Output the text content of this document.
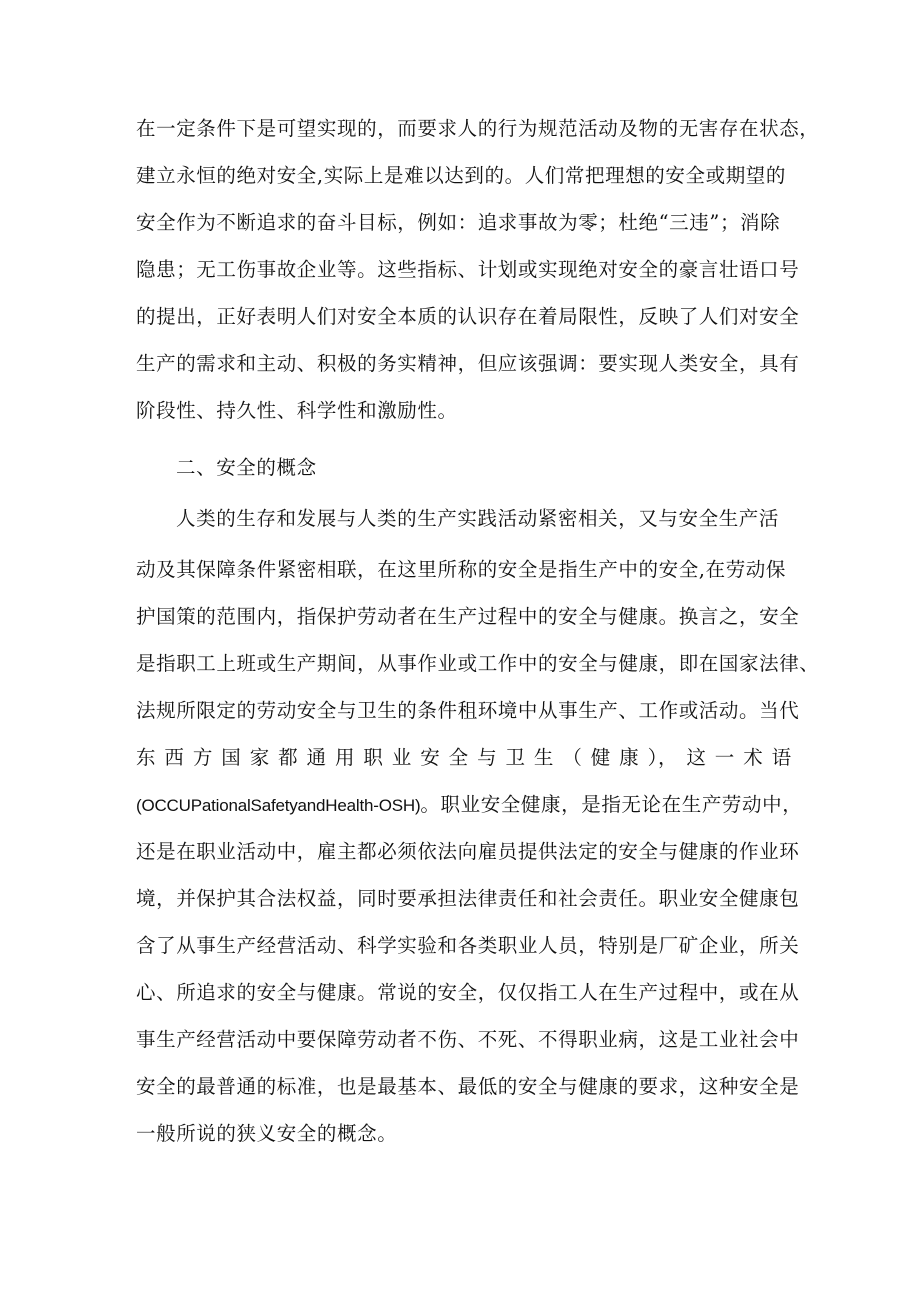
在一定条件下是可望实现的，而要求人的行为规范活动及物的无害存在状态，
建立永恒的绝对安全,实际上是难以达到的。人们常把理想的安全或期望的
安全作为不断追求的奋斗目标，例如：追求事故为零；杜绝“三违”；消除
隐患；无工伤事故企业等。这些指标、计划或实现绝对安全的豪言壮语口号
的提出，正好表明人们对安全本质的认识存在着局限性，反映了人们对安全
生产的需求和主动、积极的务实精神，但应该强调：要实现人类安全，具有
阶段性、持久性、科学性和激励性。
二、安全的概念
人类的生存和发展与人类的生产实践活动紧密相关，又与安全生产活
动及其保障条件紧密相联，在这里所称的安全是指生产中的安全,在劳动保
护国策的范围内，指保护劳动者在生产过程中的安全与健康。换言之，安全
是指职工上班或生产期间，从事作业或工作中的安全与健康，即在国家法律、
法规所限定的劳动安全与卫生的条件租环境中从事生产、工作或活动。当代
东 西 方 国 家 都 通 用 职 业 安 全 与 卫 生 （ 健 康 ）， 这 一 术 语
(OCCUPationalSafetyandHealth-OSH)。职业安全健康，是指无论在生产劳动中，
还是在职业活动中，雇主都必须依法向雇员提供法定的安全与健康的作业环
境，并保护其合法权益，同时要承担法律责任和社会责任。职业安全健康包
含了从事生产经营活动、科学实验和各类职业人员，特别是厂矿企业，所关
心、所追求的安全与健康。常说的安全，仅仅指工人在生产过程中，或在从
事生产经营活动中要保障劳动者不伤、不死、不得职业病，这是工业社会中
安全的最普通的标准，也是最基本、最低的安全与健康的要求，这种安全是
一般所说的狭义安全的概念。
